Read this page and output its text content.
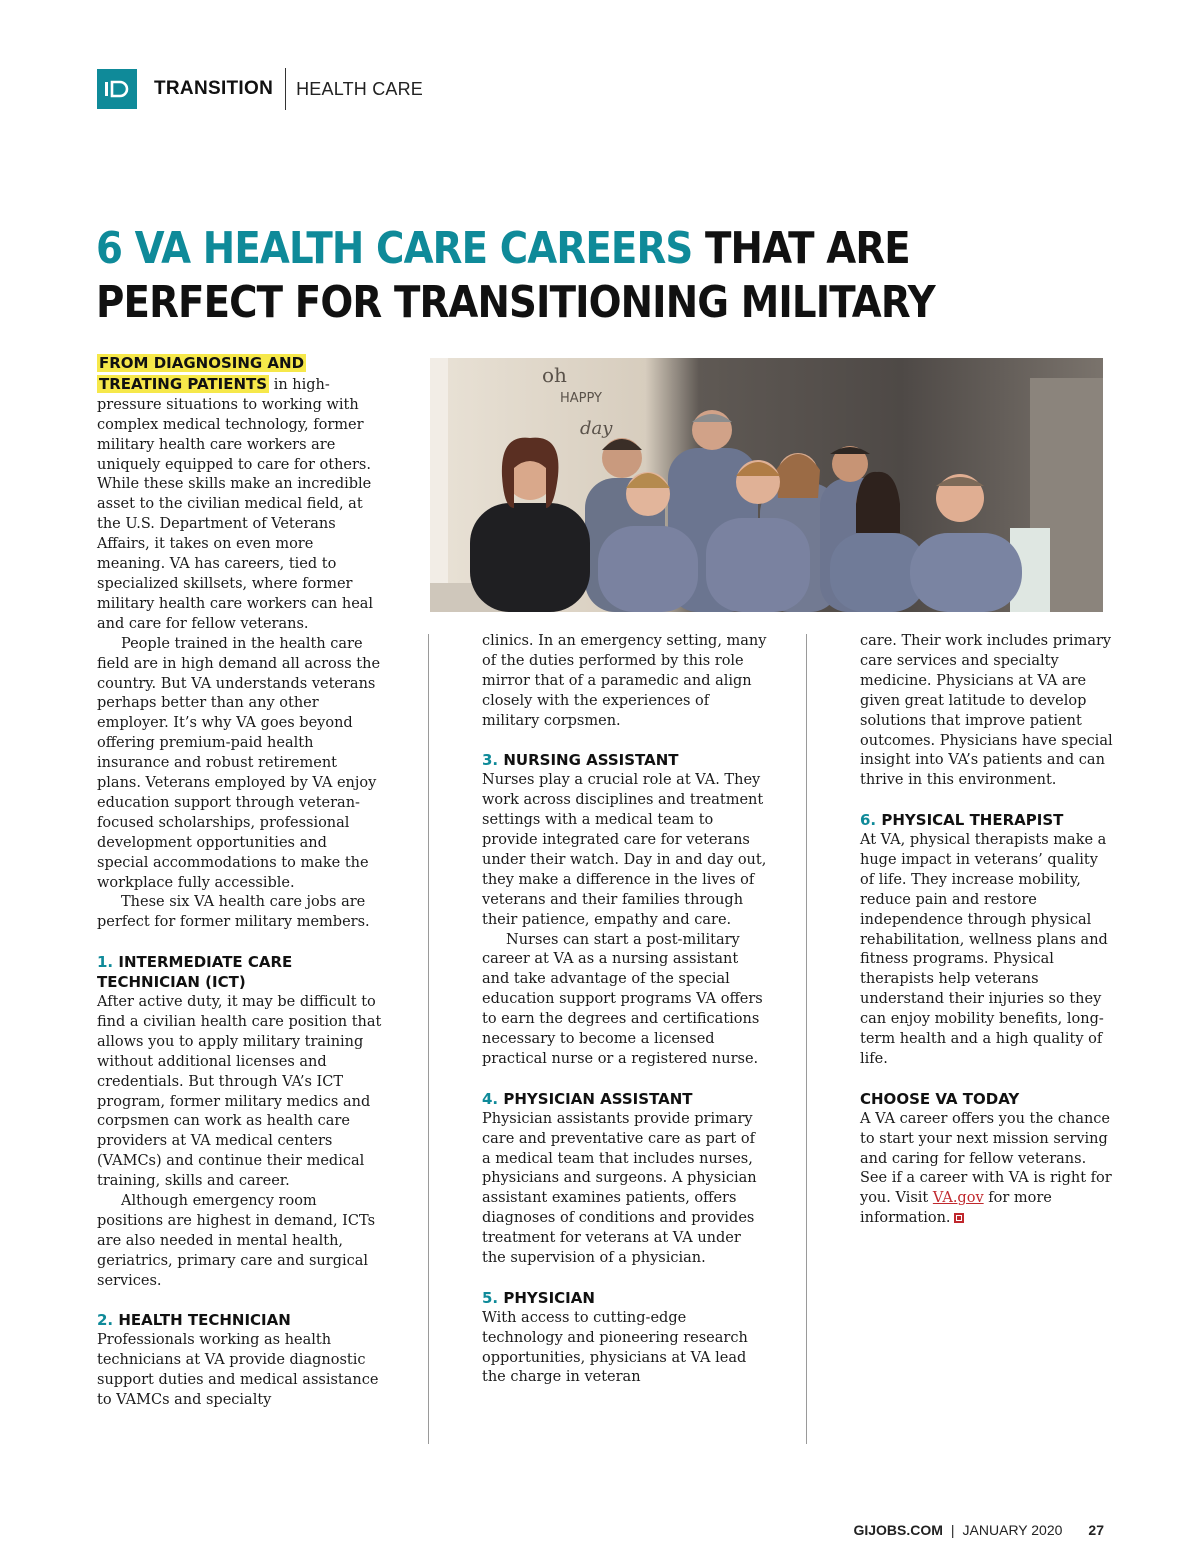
TRANSITION HEALTH CARE
6 VA HEALTH CARE CAREERS THAT ARE
PERFECT FOR TRANSITIONING MILITARY
oh
HAPPY
day

FROM DIAGNOSING AND TREATING PATIENTS in high-pressure situations to working with complex medical technology, former military health care workers are uniquely equipped to care for others. While these skills make an incredible asset to the civilian medical field, at the U.S. Department of Veterans Affairs, it takes on even more meaning. VA has careers, tied to specialized skillsets, where former military health care workers can heal and care for fellow veterans.

People trained in the health care field are in high demand all across the country. But VA understands veterans perhaps better than any other employer. It’s why VA goes beyond offering premium-paid health insurance and robust retirement plans. Veterans employed by VA enjoy education support through veteran-focused scholarships, professional development opportunities and special accommodations to make the workplace fully accessible.

These six VA health care jobs are perfect for former military members.

1. INTERMEDIATE CARE TECHNICIAN (ICT)

After active duty, it may be difficult to find a civilian health care position that allows you to apply military training without additional licenses and credentials. But through VA’s ICT program, former military medics and corpsmen can work as health care providers at VA medical centers (VAMCs) and continue their medical training, skills and career.

Although emergency room positions are highest in demand, ICTs are also needed in mental health, geriatrics, primary care and surgical services.

2. HEALTH TECHNICIAN

Professionals working as health technicians at VA provide diagnostic support duties and medical assistance to VAMCs and specialty

clinics. In an emergency setting, many of the duties performed by this role mirror that of a paramedic and align closely with the experiences of military corpsmen.

3. NURSING ASSISTANT

Nurses play a crucial role at VA. They work across disciplines and treatment settings with a medical team to provide integrated care for veterans under their watch. Day in and day out, they make a difference in the lives of veterans and their families through their patience, empathy and care.

Nurses can start a post-military career at VA as a nursing assistant and take advantage of the special education support programs VA offers to earn the degrees and certifications necessary to become a licensed practical nurse or a registered nurse.

4. PHYSICIAN ASSISTANT

Physician assistants provide primary care and preventative care as part of a medical team that includes nurses, physicians and surgeons. A physician assistant examines patients, offers diagnoses of conditions and provides treatment for veterans at VA under the supervision of a physician.

5. PHYSICIAN

With access to cutting-edge technology and pioneering research opportunities, physicians at VA lead the charge in veteran

care. Their work includes primary care services and specialty medicine. Physicians at VA are given great latitude to develop solutions that improve patient outcomes. Physicians have special insight into VA’s patients and can thrive in this environment.

6. PHYSICAL THERAPIST

At VA, physical therapists make a huge impact in veterans’ quality of life. They increase mobility, reduce pain and restore independence through physical rehabilitation, wellness plans and fitness programs. Physical therapists help veterans understand their injuries so they can enjoy mobility benefits, long-term health and a high quality of life.

CHOOSE VA TODAY

A VA career offers you the chance to start your next mission serving and caring for fellow veterans. See if a career with VA is right for you. Visit VA.gov for more information.

GIJOBS.COM | JANUARY 2020 27
